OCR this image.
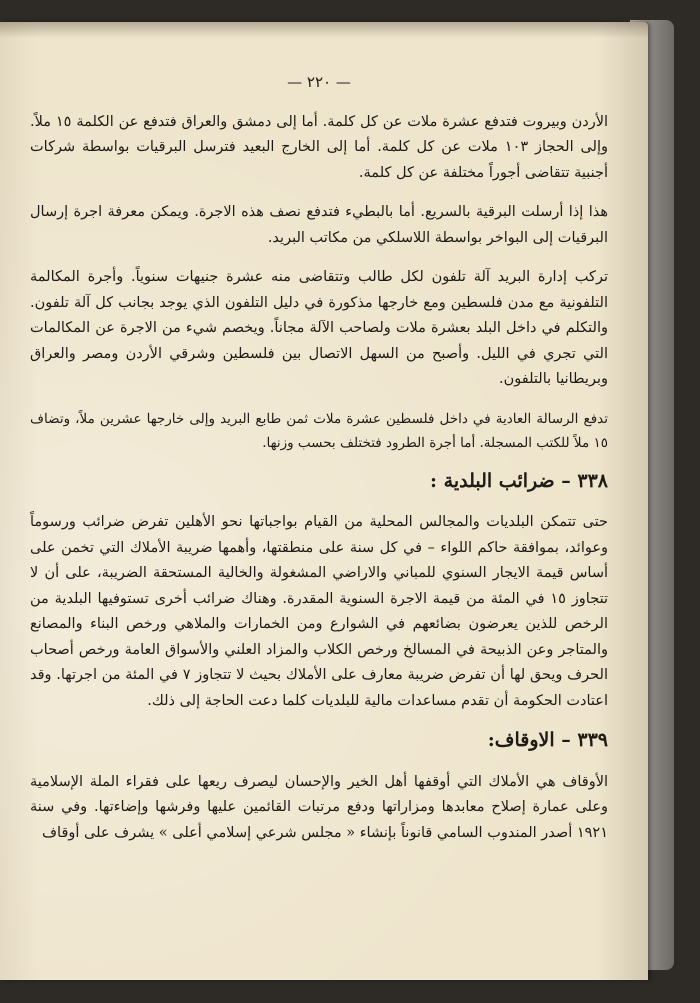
— ٢٢٠ —

الأردن وبيروت فتدفع عشرة ملات عن كل كلمة. أما إلى دمشق والعراق فتدفع عن الكلمة ١٥ ملاً. وإلى الحجاز ١٠٣ ملات عن كل كلمة. أما إلى الخارج البعيد فترسل البرقيات بواسطة شركات أجنبية تتقاضى أجوراً مختلفة عن كل كلمة.

هذا إذا أرسلت البرقية بالسريع. أما بالبطيء فتدفع نصف هذه الاجرة. ويمكن معرفة اجرة إرسال البرقيات إلى البواخر بواسطة اللاسلكي من مكاتب البريد.

تركب إدارة البريد آلة تلفون لكل طالب وتتقاضى منه عشرة جنيهات سنوياً. وأجرة المكالمة التلفونية مع مدن فلسطين ومع خارجها مذكورة في دليل التلفون الذي يوجد بجانب كل آلة تلفون. والتكلم في داخل البلد بعشرة ملات ولصاحب الآلة مجاناً. ويخصم شيء من الاجرة عن المكالمات التي تجري في الليل. وأصبح من السهل الاتصال بين فلسطين وشرقي الأردن ومصر والعراق وبريطانيا بالتلفون.

تدفع الرسالة العادية في داخل فلسطين عشرة ملات ثمن طابع البريد وإلى خارجها عشرين ملاً، وتضاف ١٥ ملاً للكتب المسجلة. أما أجرة الطرود فتختلف بحسب وزنها.

٣٣٨ – ضرائب البلدية :

حتى تتمكن البلديات والمجالس المحلية من القيام بواجباتها نحو الأهلين تفرض ضرائب ورسوماً وعوائد، بموافقة حاكم اللواء – في كل سنة على منطقتها، وأهمها ضريبة الأملاك التي تخمن على أساس قيمة الايجار السنوي للمباني والاراضي المشغولة والخالية المستحقة الضريبة، على أن لا تتجاوز ١٥ في المئة من قيمة الاجرة السنوية المقدرة. وهناك ضرائب أخرى تستوفيها البلدية من الرخص للذين يعرضون بضائعهم في الشوارع ومن الخمارات والملاهي ورخص البناء والمصانع والمتاجر وعن الذبيحة في المسالخ ورخص الكلاب والمزاد العلني والأسواق العامة ورخص أصحاب الحرف ويحق لها أن تفرض ضريبة معارف على الأملاك بحيث لا تتجاوز ٧ في المئة من اجرتها. وقد اعتادت الحكومة أن تقدم مساعدات مالية للبلديات كلما دعت الحاجة إلى ذلك.

٣٣٩ – الاوقاف:

الأوقاف هي الأملاك التي أوقفها أهل الخير والإحسان ليصرف ريعها على فقراء الملة الإسلامية وعلى عمارة إصلاح معابدها ومزاراتها ودفع مرتبات القائمين عليها وفرشها وإضاءتها. وفي سنة ١٩٢١ أصدر المندوب السامي قانوناً بإنشاء « مجلس شرعي إسلامي أعلى » يشرف على أوقاف
